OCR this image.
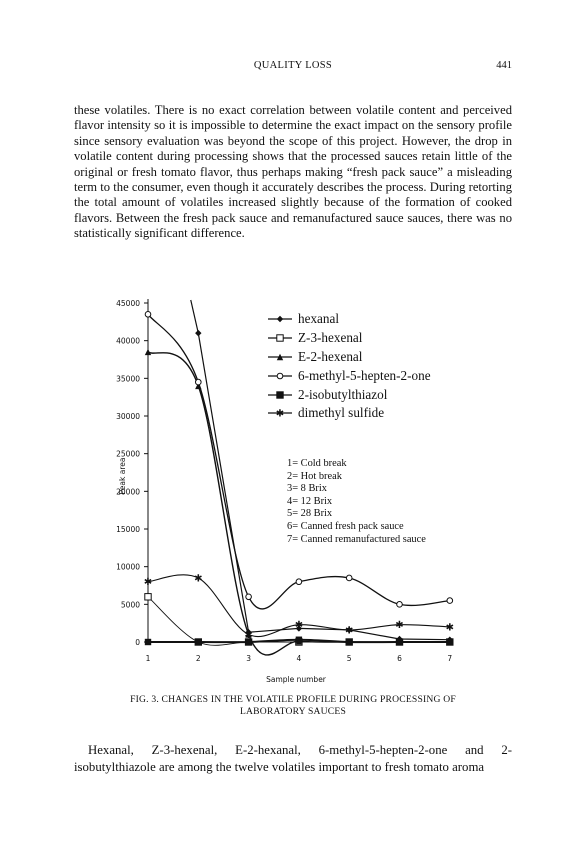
QUALITY LOSS	441
these volatiles. There is no exact correlation between volatile content and perceived flavor intensity so it is impossible to determine the exact impact on the sensory profile since sensory evaluation was beyond the scope of this project. However, the drop in volatile content during processing shows that the processed sauces retain little of the original or fresh tomato flavor, thus perhaps making “fresh pack sauce” a misleading term to the consumer, even though it accurately describes the process. During retorting the total amount of volatiles increased slightly because of the formation of cooked flavors. Between the fresh pack sauce and remanufactured sauce sauces, there was no statistically significant difference.
45000
40000
35000
30000
25000
20000
15000
10000
5000
0
1	2	3	4	5	6	7
Sample number
Peak area
✱	✱
✱
✱	✱	✱	✱
hexanal
Z-3-hexenal
E-2-hexenal
6-methyl-5-hepten-2-one
2-isobutylthiazol
✱ dimethyl sulfide
1= Cold break
2= Hot break
3= 8 Brix
4= 12 Brix
5= 28 Brix
6= Canned fresh pack sauce
7= Canned remanufactured sauce
FIG. 3. CHANGES IN THE VOLATILE PROFILE DURING PROCESSING OF
LABORATORY SAUCES
Hexanal, Z-3-hexenal, E-2-hexanal, 6-methyl-5-hepten-2-one and 2-isobutylthiazole are among the twelve volatiles important to fresh tomato aroma
